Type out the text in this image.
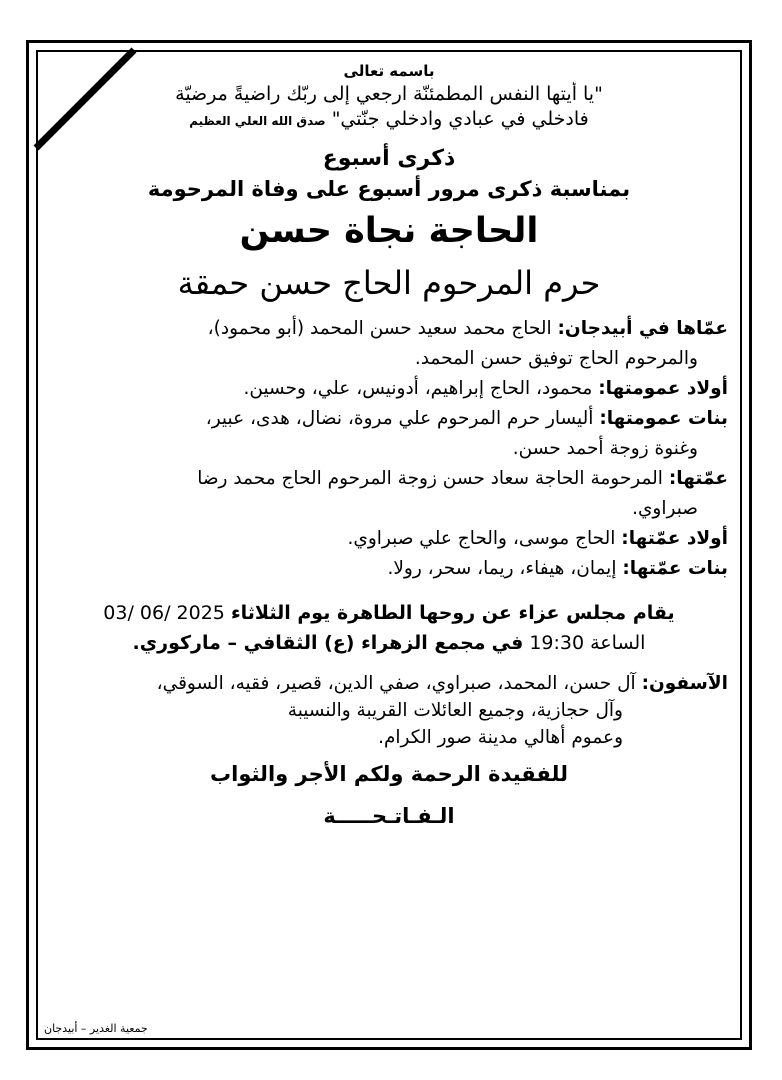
باسمه تعالى
"يا أيتها النفس المطمئنّة ارجعي إلى ربّك راضيةً مرضيّة
فادخلي في عبادي وادخلي جنّتي" صدق الله العلي العظيم
ذكرى أسبوع
بمناسبة ذكرى مرور أسبوع على وفاة المرحومة
الحاجة نجاة حسن
حرم المرحوم الحاج حسن حمقة

عمّاها في أبيدجان: الحاج محمد سعيد حسن المحمد (أبو محمود)،

والمرحوم الحاج توفيق حسن المحمد.

أولاد عمومتها: محمود، الحاج إبراهيم، أدونيس، علي، وحسين.

بنات عمومتها: أليسار حرم المرحوم علي مروة، نضال، هدى، عبير،

وغنوة زوجة أحمد حسن.

عمّتها: المرحومة الحاجة سعاد حسن زوجة المرحوم الحاج محمد رضا

صبراوي.

أولاد عمّتها: الحاج موسى، والحاج علي صبراوي.

بنات عمّتها: إيمان، هيفاء، ريما، سحر، رولا.

يقام مجلس عزاء عن روحها الطاهرة يوم الثلاثاء 03/ 06/ 2025
الساعة 19:30 في مجمع الزهراء (ع) الثقافي – ماركوري.

الآسفون: آل حسن، المحمد، صبراوي، صفي الدين، قصير، فقيه، السوقي،

وآل حجازية، وجميع العائلات القريبة والنسيبة

وعموم أهالي مدينة صور الكرام.

للفقيدة الرحمة ولكم الأجر والثواب
الـفـاتـحـــــة
جمعية الغدير – أبيدجان
